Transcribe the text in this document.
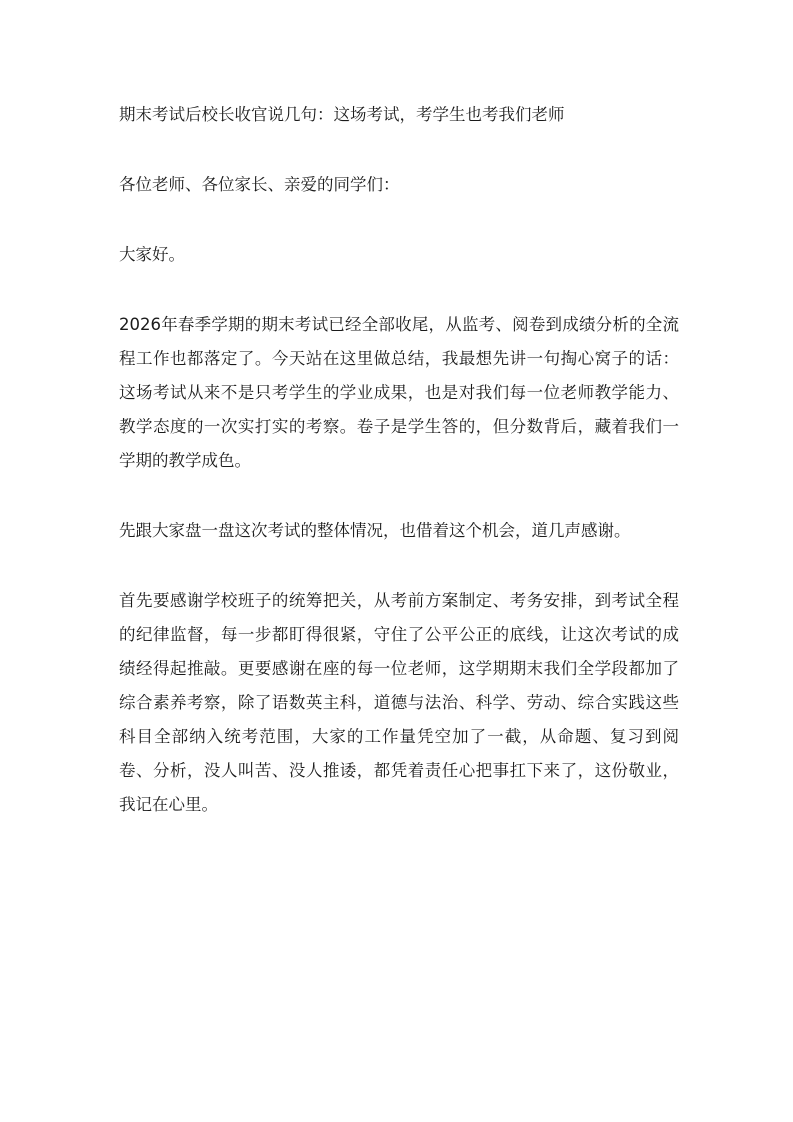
期末考试后校长收官说几句：这场考试，考学生也考我们老师

各位老师、各位家长、亲爱的同学们：

大家好。

2026年春季学期的期末考试已经全部收尾，从监考、阅卷到成绩分析的全流程工作也都落定了。今天站在这里做总结，我最想先讲一句掏心窝子的话：这场考试从来不是只考学生的学业成果，也是对我们每一位老师教学能力、教学态度的一次实打实的考察。卷子是学生答的，但分数背后，藏着我们一学期的教学成色。

先跟大家盘一盘这次考试的整体情况，也借着这个机会，道几声感谢。

首先要感谢学校班子的统筹把关，从考前方案制定、考务安排，到考试全程的纪律监督，每一步都盯得很紧，守住了公平公正的底线，让这次考试的成绩经得起推敲。更要感谢在座的每一位老师，这学期期末我们全学段都加了综合素养考察，除了语数英主科，道德与法治、科学、劳动、综合实践这些科目全部纳入统考范围，大家的工作量凭空加了一截，从命题、复习到阅卷、分析，没人叫苦、没人推诿，都凭着责任心把事扛下来了，这份敬业，我记在心里。
